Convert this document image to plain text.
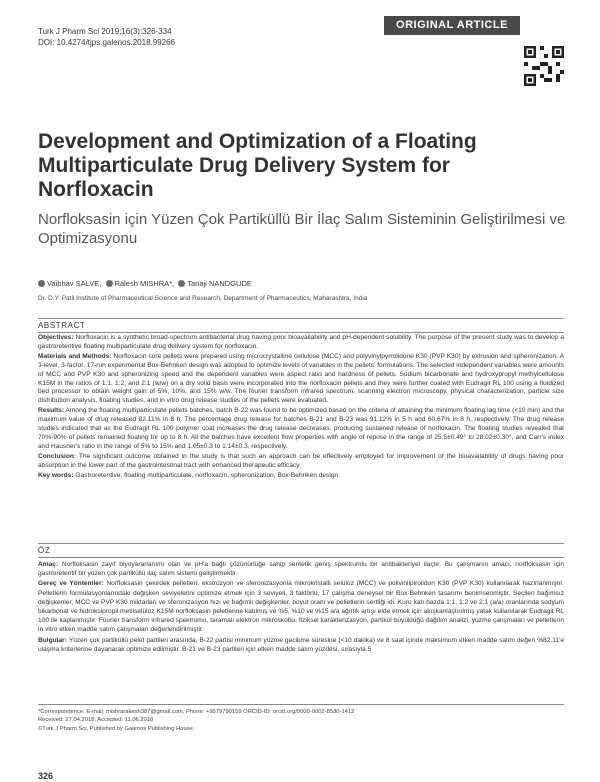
Turk J Pharm Sci 2019;16(3):326-334
DOI: 10.4274/tjps.galenos.2018.99266
ORIGINAL ARTICLE
Development and Optimization of a Floating Multiparticulate Drug Delivery System for Norfloxacin
Norfloksasin için Yüzen Çok Partiküllü Bir İlaç Salım Sisteminin Geliştirilmesi ve Optimizasyonu
Vaibhav SALVE, Ralesh MISHRA*, Tanaji NANDGUDE
Dr. D.Y. Patil Institute of Pharmaceutical Science and Research, Department of Pharmaceutics, Maharashtra, India
ABSTRACT

Objectives: Norfloxacin is a synthetic broad-spectrum antibacterial drug having poor bioavailability and pH-dependent solubility. The purpose of the present study was to develop a gastroretentive floating multiparticulate drug delivery system for norfloxacin.

Materials and Methods: Norfloxacin core pellets were prepared using microcrystalline cellulose (MCC) and polyvinylpyrrolidone K30 (PVP K30) by extrusion and spheronization. A 3-level, 3-factor, 17-run experimental Box-Behnken design was adopted to optimize levels of variables in the pellets' formulations. The selected independent variables were amounts of MCC and PVP K30 and spheronizing speed and the dependent variables were aspect ratio and hardness of pellets. Sodium bicarbonate and hydroxypropyl methylcellulose K15M in the ratios of 1:1, 1:2, and 2:1 (w/w) on a dry solid basis were incorporated into the norfloxacin pellets and they were further coated with Eudragit RL 100 using a fluidized bed processor to obtain weight gain of 5%, 10%, and 15% w/w. The fourier transform infrared spectrum, scanning electron microscopy, physical characterization, particle size distribution analysis, floating studies, and in vitro drug release studies of the pellets were evaluated.

Results: Among the floating multiparticulate pellets batches, batch B-22 was found to be optimized based on the criteria of attaining the minimum floating lag time (<10 min) and the maximum value of drug released 82.11% in 8 h. The percentage drug release for batches B-21 and B-23 was 91.12% in 5 h and 60.67% in 8 h, respectively. The drug release studies indicated that as the Eudragit RL 100 polymer coat increases the drug release decreases, producing sustained release of norfloxacin. The floating studies revealed that 70%-90% of pellets remained floating for up to 8 h. All the batches have excellent flow properties with angle of repose in the range of 25.5±0.49° to 28.02±0.30°, and Carr's index and Hausner's ratio in the range of 5% to 15% and 1.05±0.3 to 1.14±0.3, respectively.

Conclusion: The significant outcome obtained in the study is that such an approach can be effectively employed for improvement of the bioavailability of drugs having poor absorption in the lower part of the gastrointestinal tract with enhanced therapeutic efficacy.

Key words: Gastroretentive, floating multiparticulate, norfloxacin, spheronization, Box-Behnken design

ÖZ

Amaç: Norfloksasin zayıf biyoyararlanımı olan ve pH'a bağlı çözünürlüğe sahip sentetik geniş spektrumlu bir antibakteriyel ilaçtır. Bu çalışmanın amacı, norfloksasin için gastroretentif bir yüzen çok partiküllü ilaç salım sistemi geliştirmektir.

Gereç ve Yöntemler: Norfloksasin çekirdek pelletleri, ekstrüzyon ve sferonizasyonla mikrokristalli selüloz (MCC) ve polivinilpirolidon K30 (PVP K30) kullanılarak hazırlanmıştır. Pelletlerin formülasyonlarındaki değişken seviyelerini optimize etmek için 3 seviyeli, 3 faktörlü, 17 çalışma deneysel bir Box-Behnken tasarımı benimsenmiştir. Seçilen bağımsız değişkenler, MCC ve PVP K30 miktarları ve sferonizasyon hızı ve bağımlı değişkenler, boyut oranı ve pelletlerin sertliği idi. Kuru katı bazda 1:1, 1:2 ve 2:1 (a/a) oranlarında sodyum bikarbonat ve hidroksipropil metilselüloz K15M norfloksasin peletlerine katılmış ve %5, %10 ve %15 a/a ağırlık artışı elde etmek için akışkanlaştırılmış yatak kullanılarak Eudragit RL 100 ile kaplanmıştır. Fourier transform infrared spektrumu, taramalı elektron mikroskobu, fiziksel karakterizasyon, partikül büyüklüğü dağılım analizi, yüzme çalışmaları ve pelletlerin in vitro etken madde salım çalışmaları değerlendirilmiştir.

Bulgular: Yüzen çok partiküllü pelet partileri arasında, B-22 partisi minimum yüzme gecikme süresine (<10 dakika) ve 8 saat içinde maksimum etken madde salım değeri %82.11'e ulaşma kriterlerine dayanarak optimize edilmiştir. B-21 ve B-23 partileri için etken madde salım yüzdesi, sırasıyla 5

*Correspondence: E-mail: mishrarakesh387@gmail.com, Phone: +9579790159 ORCID-ID: orcid.org/0000-0002-8530-1412
Received: 27.04.2018, Accepted: 11.06.2018
©Turk J Pharm Sci, Published by Galenos Publishing House.
326
